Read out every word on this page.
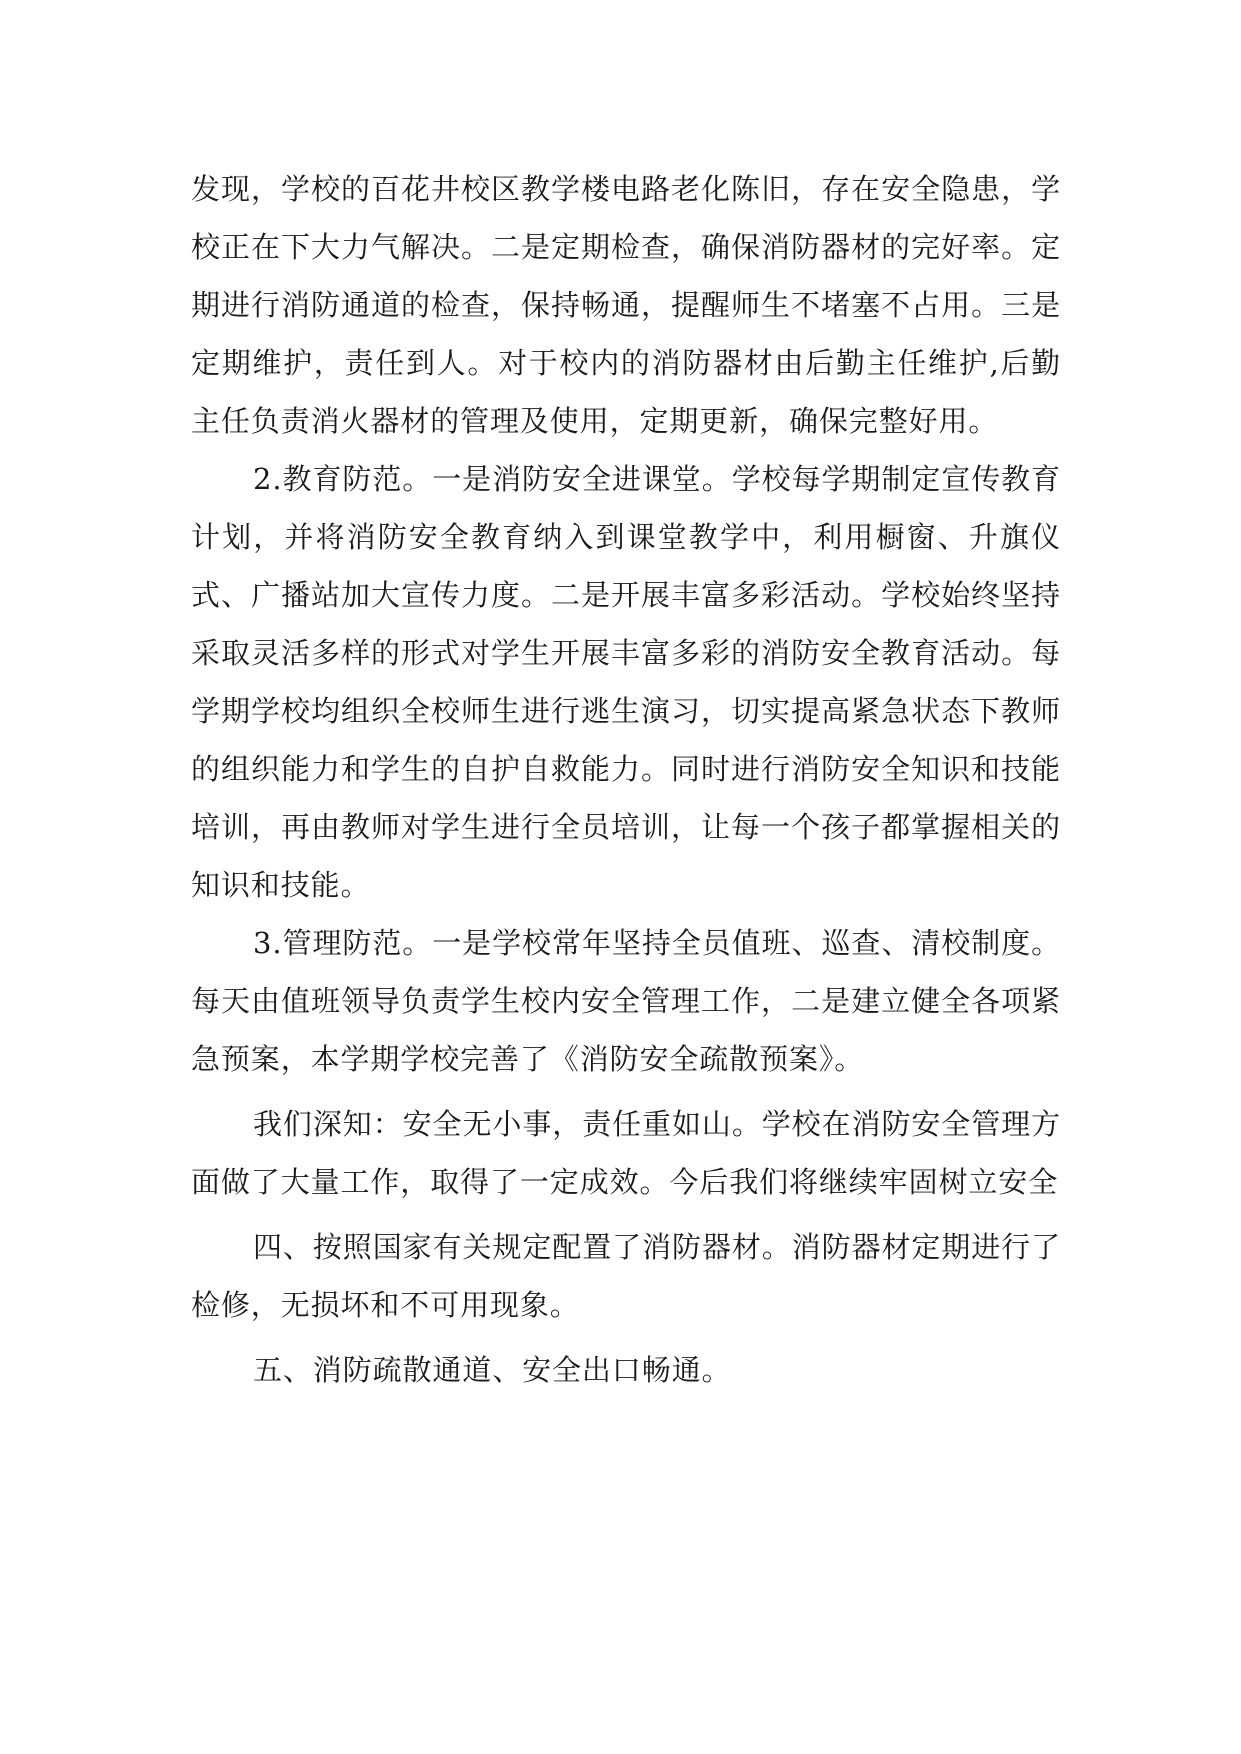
发现，学校的百花井校区教学楼电路老化陈旧，存在安全隐患，学校正在下大力气解决。二是定期检查，确保消防器材的完好率。定期进行消防通道的检查，保持畅通，提醒师生不堵塞不占用。三是定期维护，责任到人。对于校内的消防器材由后勤主任维护,后勤主任负责消火器材的管理及使用，定期更新，确保完整好用。

2.教育防范。一是消防安全进课堂。学校每学期制定宣传教育计划，并将消防安全教育纳入到课堂教学中，利用橱窗、升旗仪式、广播站加大宣传力度。二是开展丰富多彩活动。学校始终坚持采取灵活多样的形式对学生开展丰富多彩的消防安全教育活动。每学期学校均组织全校师生进行逃生演习，切实提高紧急状态下教师的组织能力和学生的自护自救能力。同时进行消防安全知识和技能培训，再由教师对学生进行全员培训，让每一个孩子都掌握相关的知识和技能。

3.管理防范。一是学校常年坚持全员值班、巡查、清校制度。每天由值班领导负责学生校内安全管理工作，二是建立健全各项紧急预案，本学期学校完善了《消防安全疏散预案》。

我们深知：安全无小事，责任重如山。学校在消防安全管理方面做了大量工作，取得了一定成效。今后我们将继续牢固树立安全

四、按照国家有关规定配置了消防器材。消防器材定期进行了检修，无损坏和不可用现象。

五、消防疏散通道、安全出口畅通。
